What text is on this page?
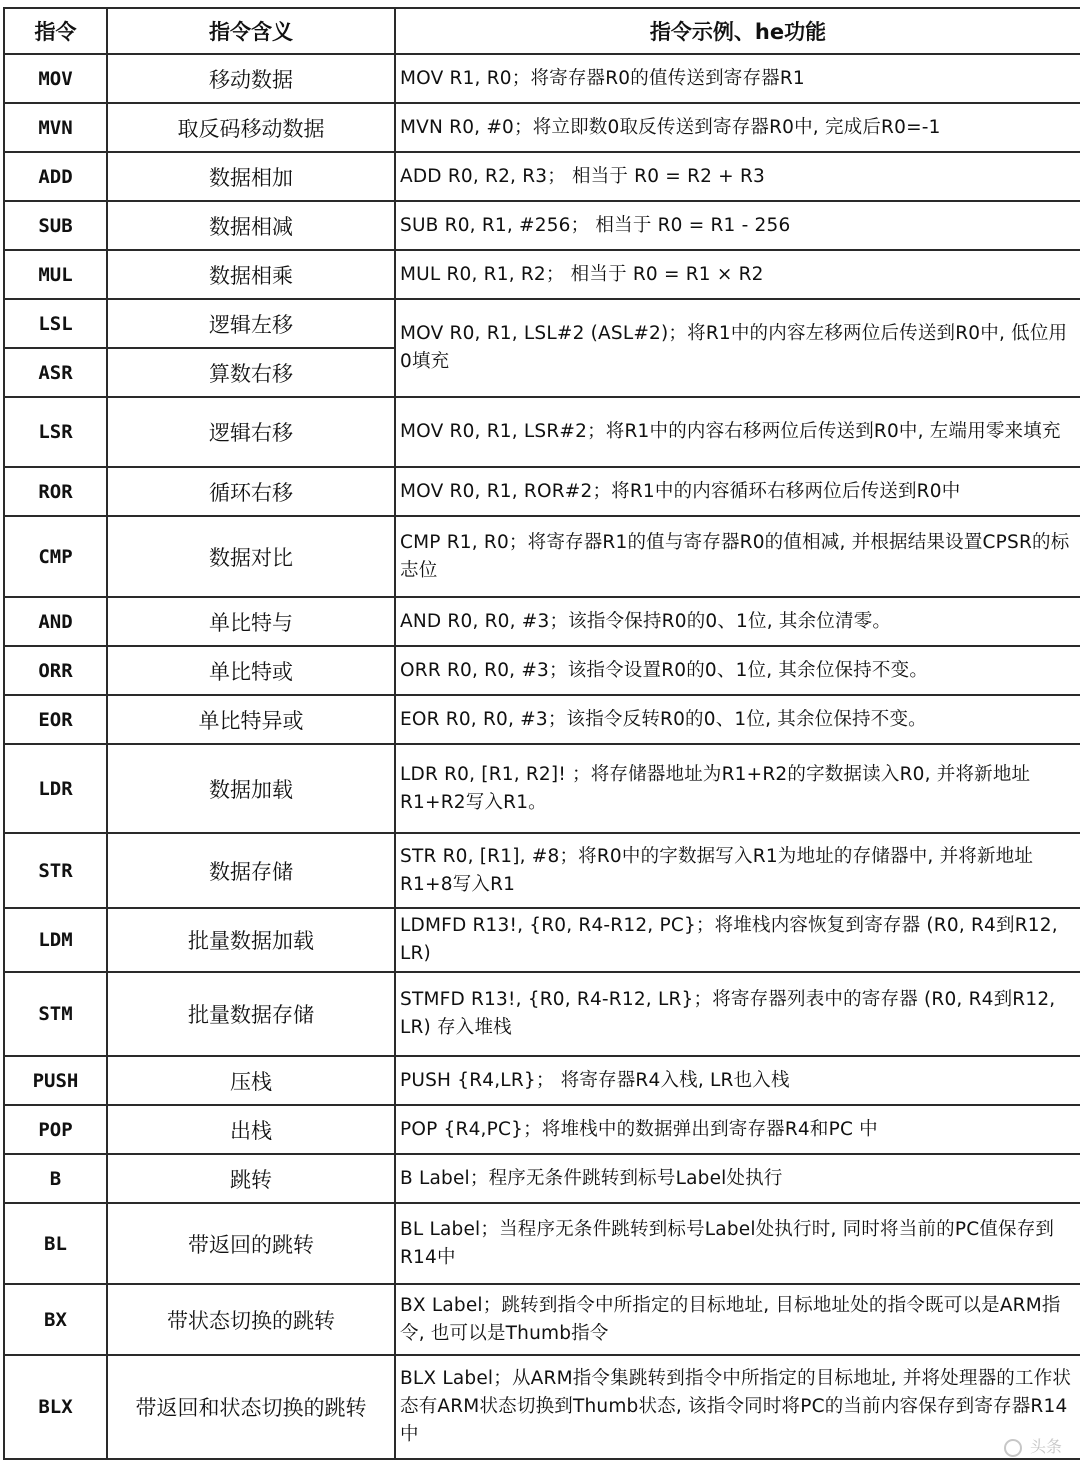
指令	指令含义	指令示例、he功能
MOV	移动数据	MOV R1, R0；将寄存器R0的值传送到寄存器R1
MVN	取反码移动数据	MVN R0, #0；将立即数0取反传送到寄存器R0中, 完成后R0=-1
ADD	数据相加	ADD R0, R2, R3； 相当于 R0 = R2 + R3
SUB	数据相减	SUB R0, R1, #256； 相当于 R0 = R1 - 256
MUL	数据相乘	MUL R0, R1, R2； 相当于 R0 = R1 × R2
LSL	逻辑左移	MOV R0, R1, LSL#2 (ASL#2)；将R1中的内容左移两位后传送到R0中, 低位用0填充
ASR	算数右移	
LSR	逻辑右移	MOV R0, R1, LSR#2；将R1中的内容右移两位后传送到R0中, 左端用零来填充
ROR	循环右移	MOV R0, R1, ROR#2；将R1中的内容循环右移两位后传送到R0中
CMP	数据对比	CMP R1, R0；将寄存器R1的值与寄存器R0的值相减, 并根据结果设置CPSR的标志位
AND	单比特与	AND R0, R0, #3；该指令保持R0的0、1位, 其余位清零。
ORR	单比特或	ORR R0, R0, #3；该指令设置R0的0、1位, 其余位保持不变。
EOR	单比特异或	EOR R0, R0, #3；该指令反转R0的0、1位, 其余位保持不变。
LDR	数据加载	LDR R0, [R1, R2]! ；将存储器地址为R1+R2的字数据读入R0, 并将新地址R1+R2写入R1。
STR	数据存储	STR R0, [R1], #8；将R0中的字数据写入R1为地址的存储器中, 并将新地址R1+8写入R1
LDM	批量数据加载	LDMFD R13!, {R0, R4-R12, PC}；将堆栈内容恢复到寄存器 (R0, R4到R12, LR)
STM	批量数据存储	STMFD R13!, {R0, R4-R12, LR}；将寄存器列表中的寄存器 (R0, R4到R12, LR) 存入堆栈
PUSH	压栈	PUSH {R4,LR}； 将寄存器R4入栈, LR也入栈
POP	出栈	POP {R4,PC}；将堆栈中的数据弹出到寄存器R4和PC 中
B	跳转	B Label；程序无条件跳转到标号Label处执行
BL	带返回的跳转	BL Label；当程序无条件跳转到标号Label处执行时, 同时将当前的PC值保存到R14中
BX	带状态切换的跳转	BX Label；跳转到指令中所指定的目标地址, 目标地址处的指令既可以是ARM指令, 也可以是Thumb指令
BLX	带返回和状态切换的跳转	BLX Label；从ARM指令集跳转到指令中所指定的目标地址, 并将处理器的工作状态有ARM状态切换到Thumb状态, 该指令同时将PC的当前内容保存到寄存器R14中
头条
